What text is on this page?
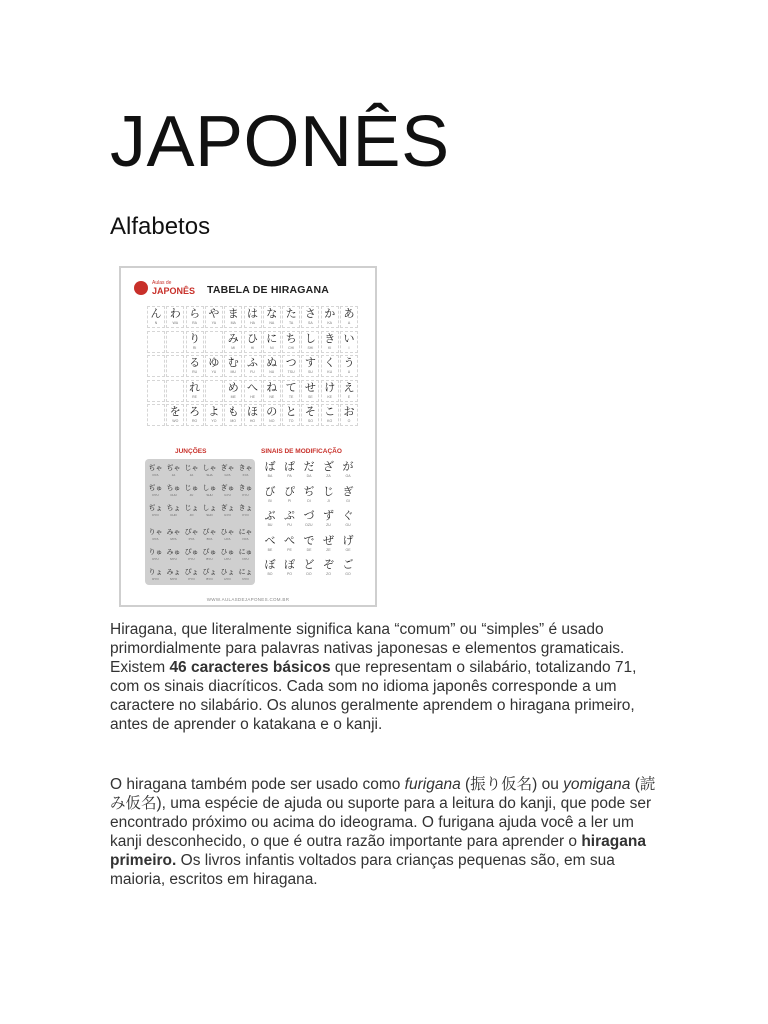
JAPONÊS
Alfabetos
Aulas de
JAPONÊS	TABELA DE HIRAGANA
ん
N
わ
WA
ら
RA
や
YA
ま
MA
は
HA
な
NA
た
TA
さ
SA
か
KA
あ
A
り
RI
み
MI
ひ
HI
に
NI
ち
CHI
し
SHI
き
KI
い
I
る
RU
ゆ
YU
む
MU
ふ
FU
ぬ
NU
つ
TSU
す
SU
く
KU
う
U
れ
RE
め
ME
へ
HE
ね
NE
て
TE
せ
SE
け
KE
え
E
を
WO
ろ
RO
よ
YO
も
MO
ほ
HO
の
NO
と
TO
そ
SO
こ
KO
お
O
JUNÇÕES	SINAIS DE MODIFICAÇÃO
ぢゃ
DYA
ぢゃ
JA
じゃ
JA
しゃ
SHA
ぎゃ
GYA
きゃ
KYA
ぢゅ
DYU
ちゅ
CHU
じゅ
JU
しゅ
SHU
ぎゅ
GYU
きゅ
KYU
ぢょ
DYO
ちょ
CHO
じょ
JO
しょ
SHO
ぎょ
GYO
きょ
KYO
りゃ
RYA
みゃ
MYA
ぴゃ
PYA
びゃ
BYA
ひゃ
HYA
にゃ
NYA
りゅ
RYU
みゅ
MYU
ぴゅ
PYU
びゅ
BYU
ひゅ
HYU
にゅ
NYU
りょ
RYO
みょ
MYO
ぴょ
PYO
びょ
BYO
ひょ
HYO
にょ
NYO
ば
BA
ぱ
PA
だ
DA
ざ
ZA
が
GA
び
BI
ぴ
PI
ぢ
DI
じ
JI
ぎ
GI
ぶ
BU
ぷ
PU
づ
DZU
ず
ZU
ぐ
GU
べ
BE
ぺ
PE
で
DE
ぜ
ZE
げ
GE
ぼ
BO
ぽ
PO
ど
DO
ぞ
ZO
ご
GO
WWW.AULASDEJAPONES.COM.BR
Hiragana, que literalmente significa kana “comum” ou “simples” é usado primordialmente para palavras nativas japonesas e elementos gramaticais. Existem 46 caracteres básicos que representam o silabário, totalizando 71, com os sinais diacríticos. Cada som no idioma japonês corresponde a um caractere no silabário. Os alunos geralmente aprendem o hiragana primeiro, antes de aprender o katakana e o kanji.
O hiragana também pode ser usado como furigana (振り仮名) ou yomigana (読み仮名), uma espécie de ajuda ou suporte para a leitura do kanji, que pode ser encontrado próximo ou acima do ideograma. O furigana ajuda você a ler um kanji desconhecido, o que é outra razão importante para aprender o hiragana primeiro. Os livros infantis voltados para crianças pequenas são, em sua maioria, escritos em hiragana.
